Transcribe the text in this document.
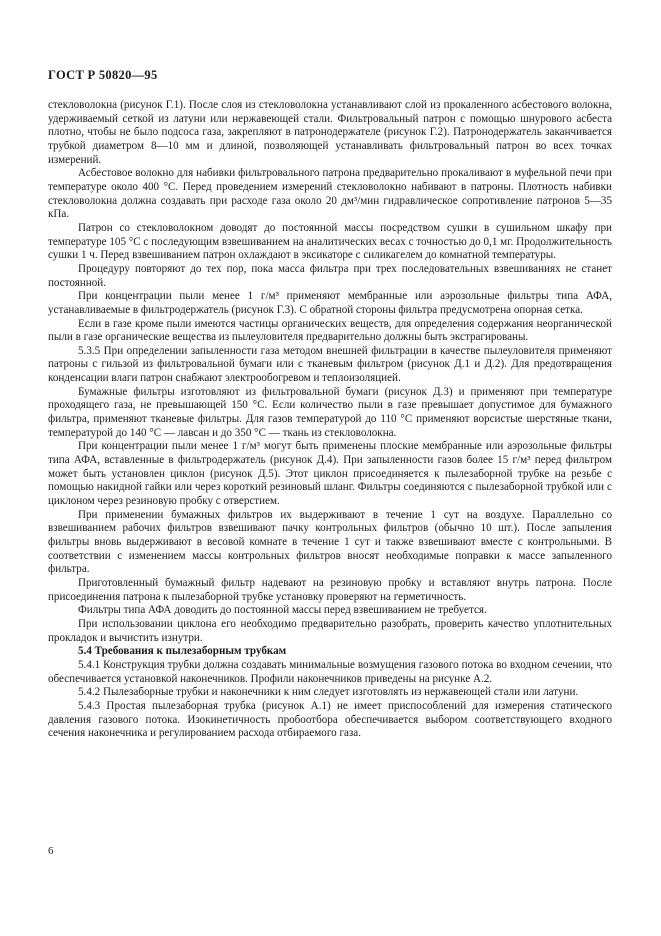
ГОСТ Р 50820—95

стекловолокна (рисунок Г.1). После слоя из стекловолокна устанавливают слой из прокаленного асбестового волокна, удерживаемый сеткой из латуни или нержавеющей стали. Фильтровальный патрон с помощью шнурового асбеста плотно, чтобы не было подсоса газа, закрепляют в патронодержателе (рисунок Г.2). Патронодержатель заканчивается трубкой диаметром 8—10 мм и длиной, позволяющей устанавливать фильтровальный патрон во всех точках измерений.

Асбестовое волокно для набивки фильтровального патрона предварительно прокаливают в муфельной печи при температуре около 400 °С. Перед проведением измерений стекловолокно набивают в патроны. Плотность набивки стекловолокна должна создавать при расходе газа около 20 дм³/мин гидравлическое сопротивление патронов 5—35 кПа.

Патрон со стекловолокном доводят до постоянной массы посредством сушки в сушильном шкафу при температуре 105 °С с последующим взвешиванием на аналитических весах с точностью до 0,1 мг. Продолжительность сушки 1 ч. Перед взвешиванием патрон охлаждают в эксикаторе с силикагелем до комнатной температуры.

Процедуру повторяют до тех пор, пока масса фильтра при трех последовательных взвешиваниях не станет постоянной.

При концентрации пыли менее 1 г/м³ применяют мембранные или аэрозольные фильтры типа АФА, устанавливаемые в фильтродержатель (рисунок Г.3). С обратной стороны фильтра предусмотрена опорная сетка.

Если в газе кроме пыли имеются частицы органических веществ, для определения содержания неорганической пыли в газе органические вещества из пылеуловителя предварительно должны быть экстрагированы.

5.3.5 При определении запыленности газа методом внешней фильтрации в качестве пылеуловителя применяют патроны с гильзой из фильтровальной бумаги или с тканевым фильтром (рисунок Д.1 и Д.2). Для предотвращения конденсации влаги патрон снабжают электрообогревом и теплоизоляцией.

Бумажные фильтры изготовляют из фильтровальной бумаги (рисунок Д.3) и применяют при температуре проходящего газа, не превышающей 150 °С. Если количество пыли в газе превышает допустимое для бумажного фильтра, применяют тканевые фильтры. Для газов температурой до 110 °С применяют ворсистые шерстяные ткани, температурой до 140 °С — лавсан и до 350 °С — ткань из стекловолокна.

При концентрации пыли менее 1 г/м³ могут быть применены плоские мембранные или аэрозольные фильтры типа АФА, вставленные в фильтродержатель (рисунок Д.4). При запыленности газов более 15 г/м³ перед фильтром может быть установлен циклон (рисунок Д.5). Этот циклон присоединяется к пылезаборной трубке на резьбе с помощью накидной гайки или через короткий резиновый шланг. Фильтры соединяются с пылезаборной трубкой или с циклоном через резиновую пробку с отверстием.

При применении бумажных фильтров их выдерживают в течение 1 сут на воздухе. Параллельно со взвешиванием рабочих фильтров взвешивают пачку контрольных фильтров (обычно 10 шт.). После запыления фильтры вновь выдерживают в весовой комнате в течение 1 сут и также взвешивают вместе с контрольными. В соответствии с изменением массы контрольных фильтров вносят необходимые поправки к массе запыленного фильтра.

Приготовленный бумажный фильтр надевают на резиновую пробку и вставляют внутрь патрона. После присоединения патрона к пылезаборной трубке установку проверяют на герметичность.

Фильтры типа АФА доводить до постоянной массы перед взвешиванием не требуется.

При использовании циклона его необходимо предварительно разобрать, проверить качество уплотнительных прокладок и вычистить изнутри.

5.4 Требования к пылезаборным трубкам

5.4.1 Конструкция трубки должна создавать минимальные возмущения газового потока во входном сечении, что обеспечивается установкой наконечников. Профили наконечников приведены на рисунке А.2.

5.4.2 Пылезаборные трубки и наконечники к ним следует изготовлять из нержавеющей стали или латуни.

5.4.3 Простая пылезаборная трубка (рисунок А.1) не имеет приспособлений для измерения статического давления газового потока. Изокинетичность пробоотбора обеспечивается выбором соответствующего входного сечения наконечника и регулированием расхода отбираемого газа.

6
